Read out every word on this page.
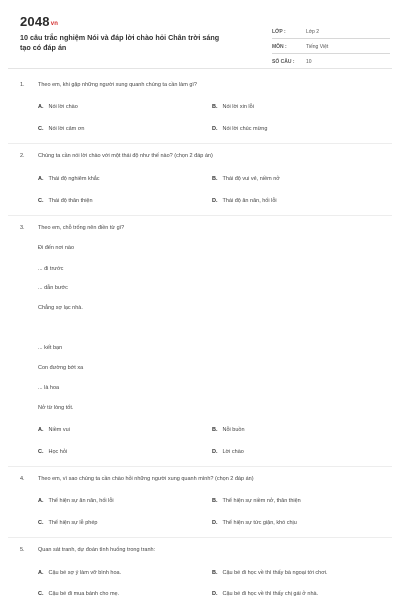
2048vn
10 câu trắc nghiệm Nói và đáp lời chào hỏi Chân trời sáng tạo có đáp án
LỚP :	Lớp 2
MÔN :	Tiếng Việt
SỐ CÂU :	10
1. Theo em, khi gặp những người xung quanh chúng ta cần làm gì?
A. Nói lời chào	B. Nói lời xin lỗi
C. Nói lời cảm ơn	D. Nói lời chúc mừng
2. Chúng ta cần nói lời chào với một thái độ như thế nào? (chọn 2 đáp án)
A. Thái độ nghiêm khắc	B. Thái độ vui vẻ, niềm nở
C. Thái độ thân thiện	D. Thái độ ăn năn, hối lỗi
3. Theo em, chỗ trống nên điền từ gì?
Đi đến nơi nào
... đi trước
... dẫn bước
Chẳng sợ lạc nhà.
... kết bạn
Con đường bớt xa
... là hoa
Nở từ lòng tốt.
A. Niềm vui	B. Nỗi buồn
C. Học hỏi	D. Lời chào
4. Theo em, vì sao chúng ta cần chào hỏi những người xung quanh mình? (chọn 2 đáp án)
A. Thể hiện sự ăn năn, hối lỗi	B. Thể hiện sự niềm nở, thân thiện
C. Thể hiện sự lễ phép	D. Thể hiện sự tức giận, khó chịu
5. Quan sát tranh, dự đoán tình huống trong tranh:
A. Cậu bé sợ ý làm vỡ bình hoa.	B. Cậu bé đi học về thì thấy bà ngoại tới chơi.
C. Cậu bé đi mua bánh cho mẹ.	D. Cậu bé đi học về thì thấy chị gái ở nhà.
